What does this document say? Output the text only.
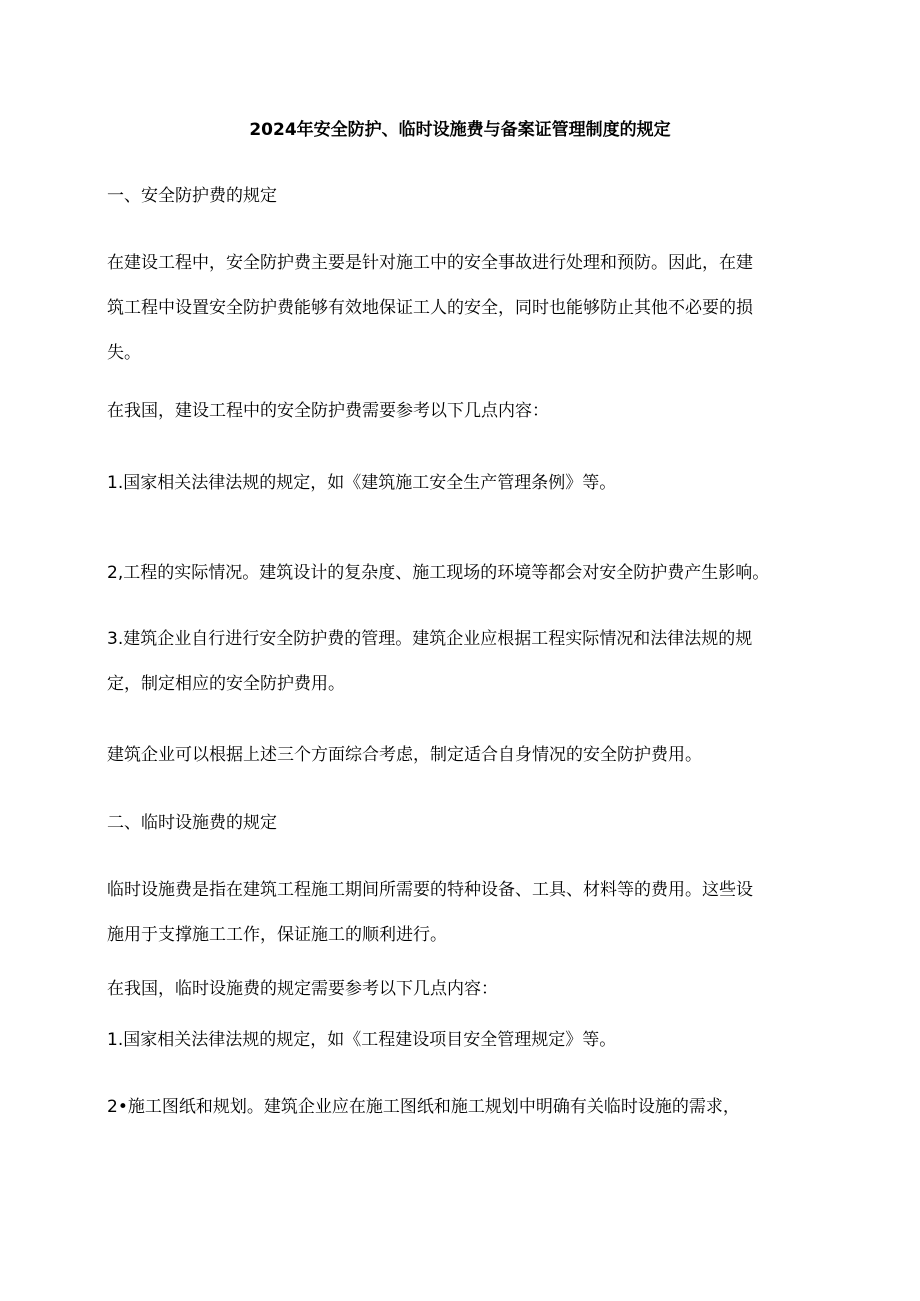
2024年安全防护、临时设施费与备案证管理制度的规定
一、安全防护费的规定
在建设工程中，安全防护费主要是针对施工中的安全事故进行处理和预防。因此，在建
筑工程中设置安全防护费能够有效地保证工人的安全，同时也能够防止其他不必要的损
失。
在我国，建设工程中的安全防护费需要参考以下几点内容：
1.国家相关法律法规的规定，如《建筑施工安全生产管理条例》等。
2,工程的实际情况。建筑设计的复杂度、施工现场的环境等都会对安全防护费产生影响。
3.建筑企业自行进行安全防护费的管理。建筑企业应根据工程实际情况和法律法规的规
定，制定相应的安全防护费用。
建筑企业可以根据上述三个方面综合考虑，制定适合自身情况的安全防护费用。
二、临时设施费的规定
临时设施费是指在建筑工程施工期间所需要的特种设备、工具、材料等的费用。这些设
施用于支撑施工工作，保证施工的顺利进行。
在我国，临时设施费的规定需要参考以下几点内容：
1.国家相关法律法规的规定，如《工程建设项目安全管理规定》等。
2•施工图纸和规划。建筑企业应在施工图纸和施工规划中明确有关临时设施的需求，
